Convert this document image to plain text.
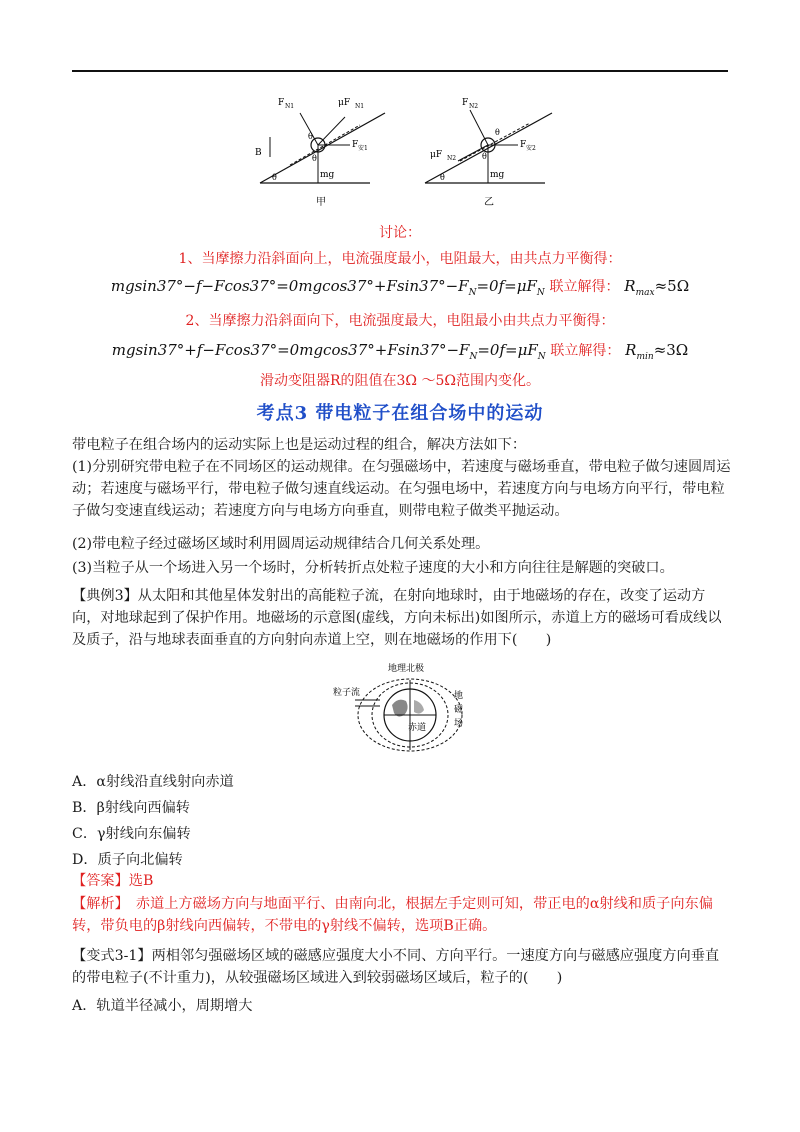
F N1	μF N1
B
θ
θ
θ
F 安1
mg
甲
F N2
μF N2
θ
θ
θ
F 安2
mg
乙
讨论：
1、当摩擦力沿斜面向上，电流强度最小，电阻最大，由共点力平衡得：
$mgsin37^\circ-f-Fcos37^\circ=0mgcos37^\circ+Fsin37^\circ-F_N=0f=\mu F_N$ 联立解得： $R_{max}\approx 5\Omega$
2、当摩擦力沿斜面向下，电流强度最大，电阻最小由共点力平衡得：
$mgsin37^\circ+f-Fcos37^\circ=0mgcos37^\circ+Fsin37^\circ-F_N=0f=\mu F_N$ 联立解得： $R_{min}\approx 3\Omega$
滑动变阻器R的阻值在3Ω ～5Ω范围内变化。
考点3 带电粒子在组合场中的运动
带电粒子在组合场内的运动实际上也是运动过程的组合，解决方法如下：
(1)分别研究带电粒子在不同场区的运动规律。在匀强磁场中，若速度与磁场垂直，带电粒子做匀速圆周运动；若速度与磁场平行，带电粒子做匀速直线运动。在匀强电场中，若速度方向与电场方向平行，带电粒子做匀变速直线运动；若速度方向与电场方向垂直，则带电粒子做类平抛运动。
(2)带电粒子经过磁场区域时利用圆周运动规律结合几何关系处理。
(3)当粒子从一个场进入另一个场时，分析转折点处粒子速度的大小和方向往往是解题的突破口。
【典例3】从太阳和其他星体发射出的高能粒子流，在射向地球时，由于地磁场的存在，改变了运动方向，对地球起到了保护作用。地磁场的示意图(虚线，方向未标出)如图所示，赤道上方的磁场可看成线以及质子，沿与地球表面垂直的方向射向赤道上空，则在地磁场的作用下(　　)
地理北极
粒子流
赤道
地
磁
场
A．α射线沿直线射向赤道
B．β射线向西偏转
C．γ射线向东偏转
D．质子向北偏转
【答案】选B
【解析】　赤道上方磁场方向与地面平行、由南向北，根据左手定则可知，带正电的α射线和质子向东偏转，带负电的β射线向西偏转，不带电的γ射线不偏转，选项B正确。
【变式3-1】两相邻匀强磁场区域的磁感应强度大小不同、方向平行。一速度方向与磁感应强度方向垂直的带电粒子(不计重力)，从较强磁场区域进入到较弱磁场区域后，粒子的(　　)
A．轨道半径减小，周期增大
